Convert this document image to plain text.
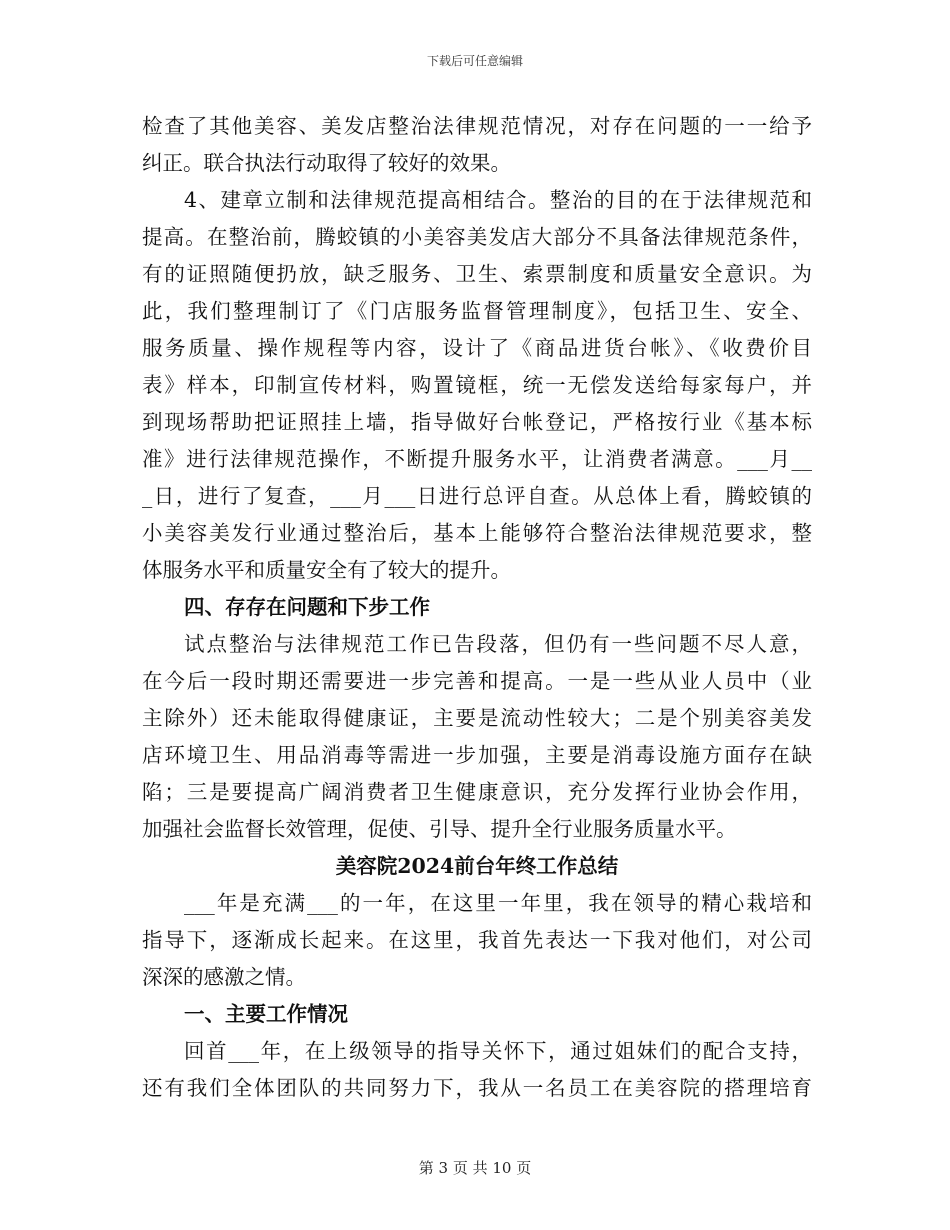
下载后可任意编辑
检查了其他美容、美发店整治法律规范情况，对存在问题的一一给予
纠正。联合执法行动取得了较好的效果。
4、建章立制和法律规范提高相结合。整治的目的在于法律规范和
提高。在整治前，腾蛟镇的小美容美发店大部分不具备法律规范条件，
有的证照随便扔放，缺乏服务、卫生、索票制度和质量安全意识。为
此，我们整理制订了《门店服务监督管理制度》，包括卫生、安全、
服务质量、操作规程等内容，设计了《商品进货台帐》、《收费价目
表》样本，印制宣传材料，购置镜框，统一无偿发送给每家每户，并
到现场帮助把证照挂上墙，指导做好台帐登记，严格按行业《基本标
准》进行法律规范操作，不断提升服务水平，让消费者满意。___月__
_日，进行了复查，___月___日进行总评自查。从总体上看，腾蛟镇的
小美容美发行业通过整治后，基本上能够符合整治法律规范要求，整
体服务水平和质量安全有了较大的提升。
四、存存在问题和下步工作
试点整治与法律规范工作已告段落，但仍有一些问题不尽人意，
在今后一段时期还需要进一步完善和提高。一是一些从业人员中（业
主除外）还未能取得健康证，主要是流动性较大；二是个别美容美发
店环境卫生、用品消毒等需进一步加强，主要是消毒设施方面存在缺
陷；三是要提高广阔消费者卫生健康意识，充分发挥行业协会作用，
加强社会监督长效管理，促使、引导、提升全行业服务质量水平。
美容院2024前台年终工作总结
___年是充满___的一年，在这里一年里，我在领导的精心栽培和
指导下，逐渐成长起来。在这里，我首先表达一下我对他们，对公司
深深的感激之情。
一、主要工作情况
回首___年，在上级领导的指导关怀下，通过姐妹们的配合支持，
还有我们全体团队的共同努力下，我从一名员工在美容院的搭理培育
第 3 页 共 10 页
